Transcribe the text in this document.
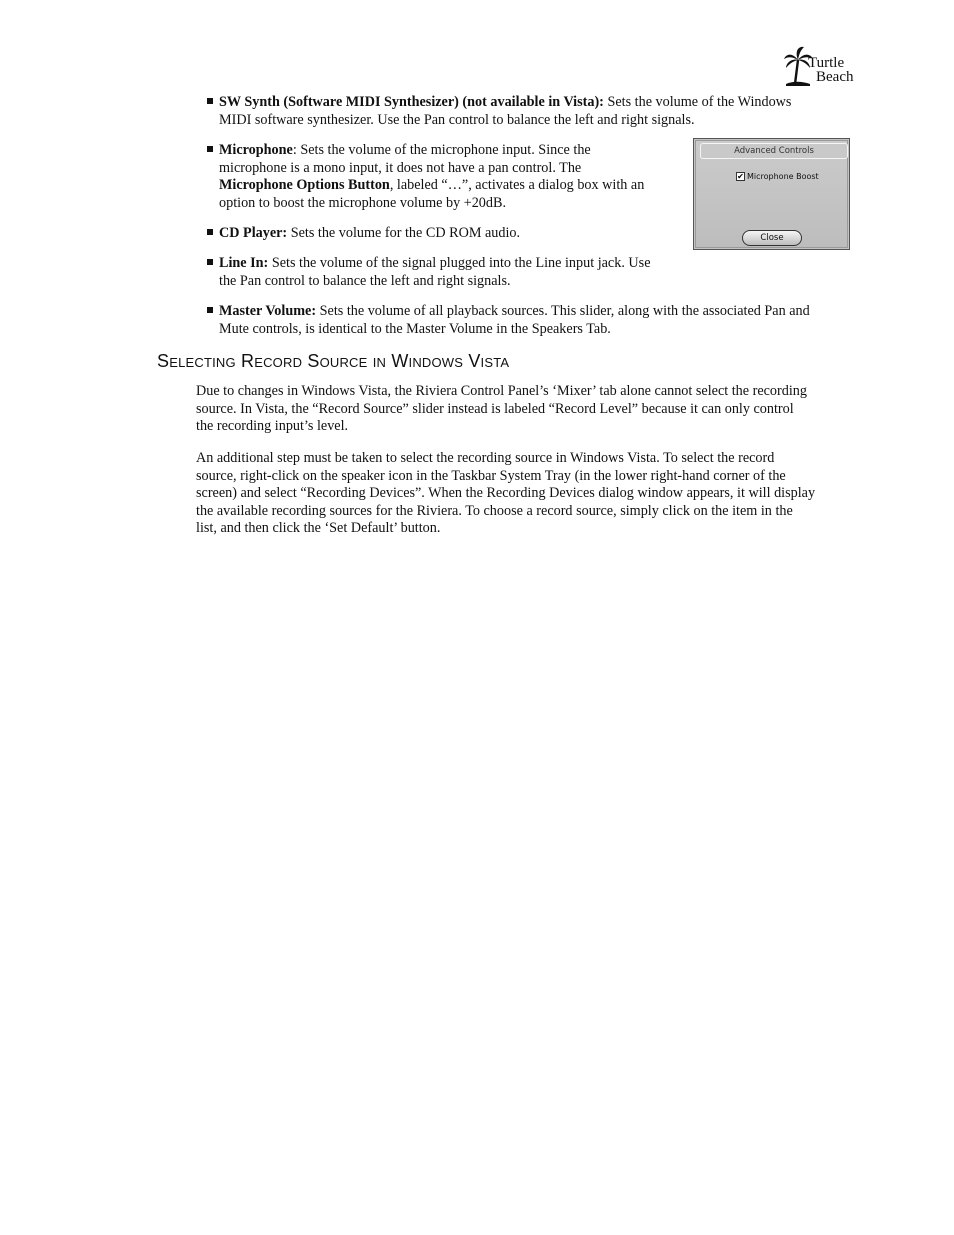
Turtle
Beach
SW Synth (Software MIDI Synthesizer) (not available in Vista): Sets the volume of the Windows
MIDI software synthesizer. Use the Pan control to balance the left and right signals.
Microphone: Sets the volume of the microphone input. Since the
microphone is a mono input, it does not have a pan control. The
Microphone Options Button, labeled “…”, activates a dialog box with an
option to boost the microphone volume by +20dB.
Advanced Controls
✔ Microphone Boost
Close
CD Player: Sets the volume for the CD ROM audio.
Line In: Sets the volume of the signal plugged into the Line input jack. Use
the Pan control to balance the left and right signals.
Master Volume: Sets the volume of all playback sources. This slider, along with the associated Pan and
Mute controls, is identical to the Master Volume in the Speakers Tab.
Selecting Record Source in Windows Vista
Due to changes in Windows Vista, the Riviera Control Panel’s ‘Mixer’ tab alone cannot select the recording
source. In Vista, the “Record Source” slider instead is labeled “Record Level” because it can only control
the recording input’s level.
An additional step must be taken to select the recording source in Windows Vista. To select the record
source, right-click on the speaker icon in the Taskbar System Tray (in the lower right-hand corner of the
screen) and select “Recording Devices”. When the Recording Devices dialog window appears, it will display
the available recording sources for the Riviera. To choose a record source, simply click on the item in the
list, and then click the ‘Set Default’ button.
